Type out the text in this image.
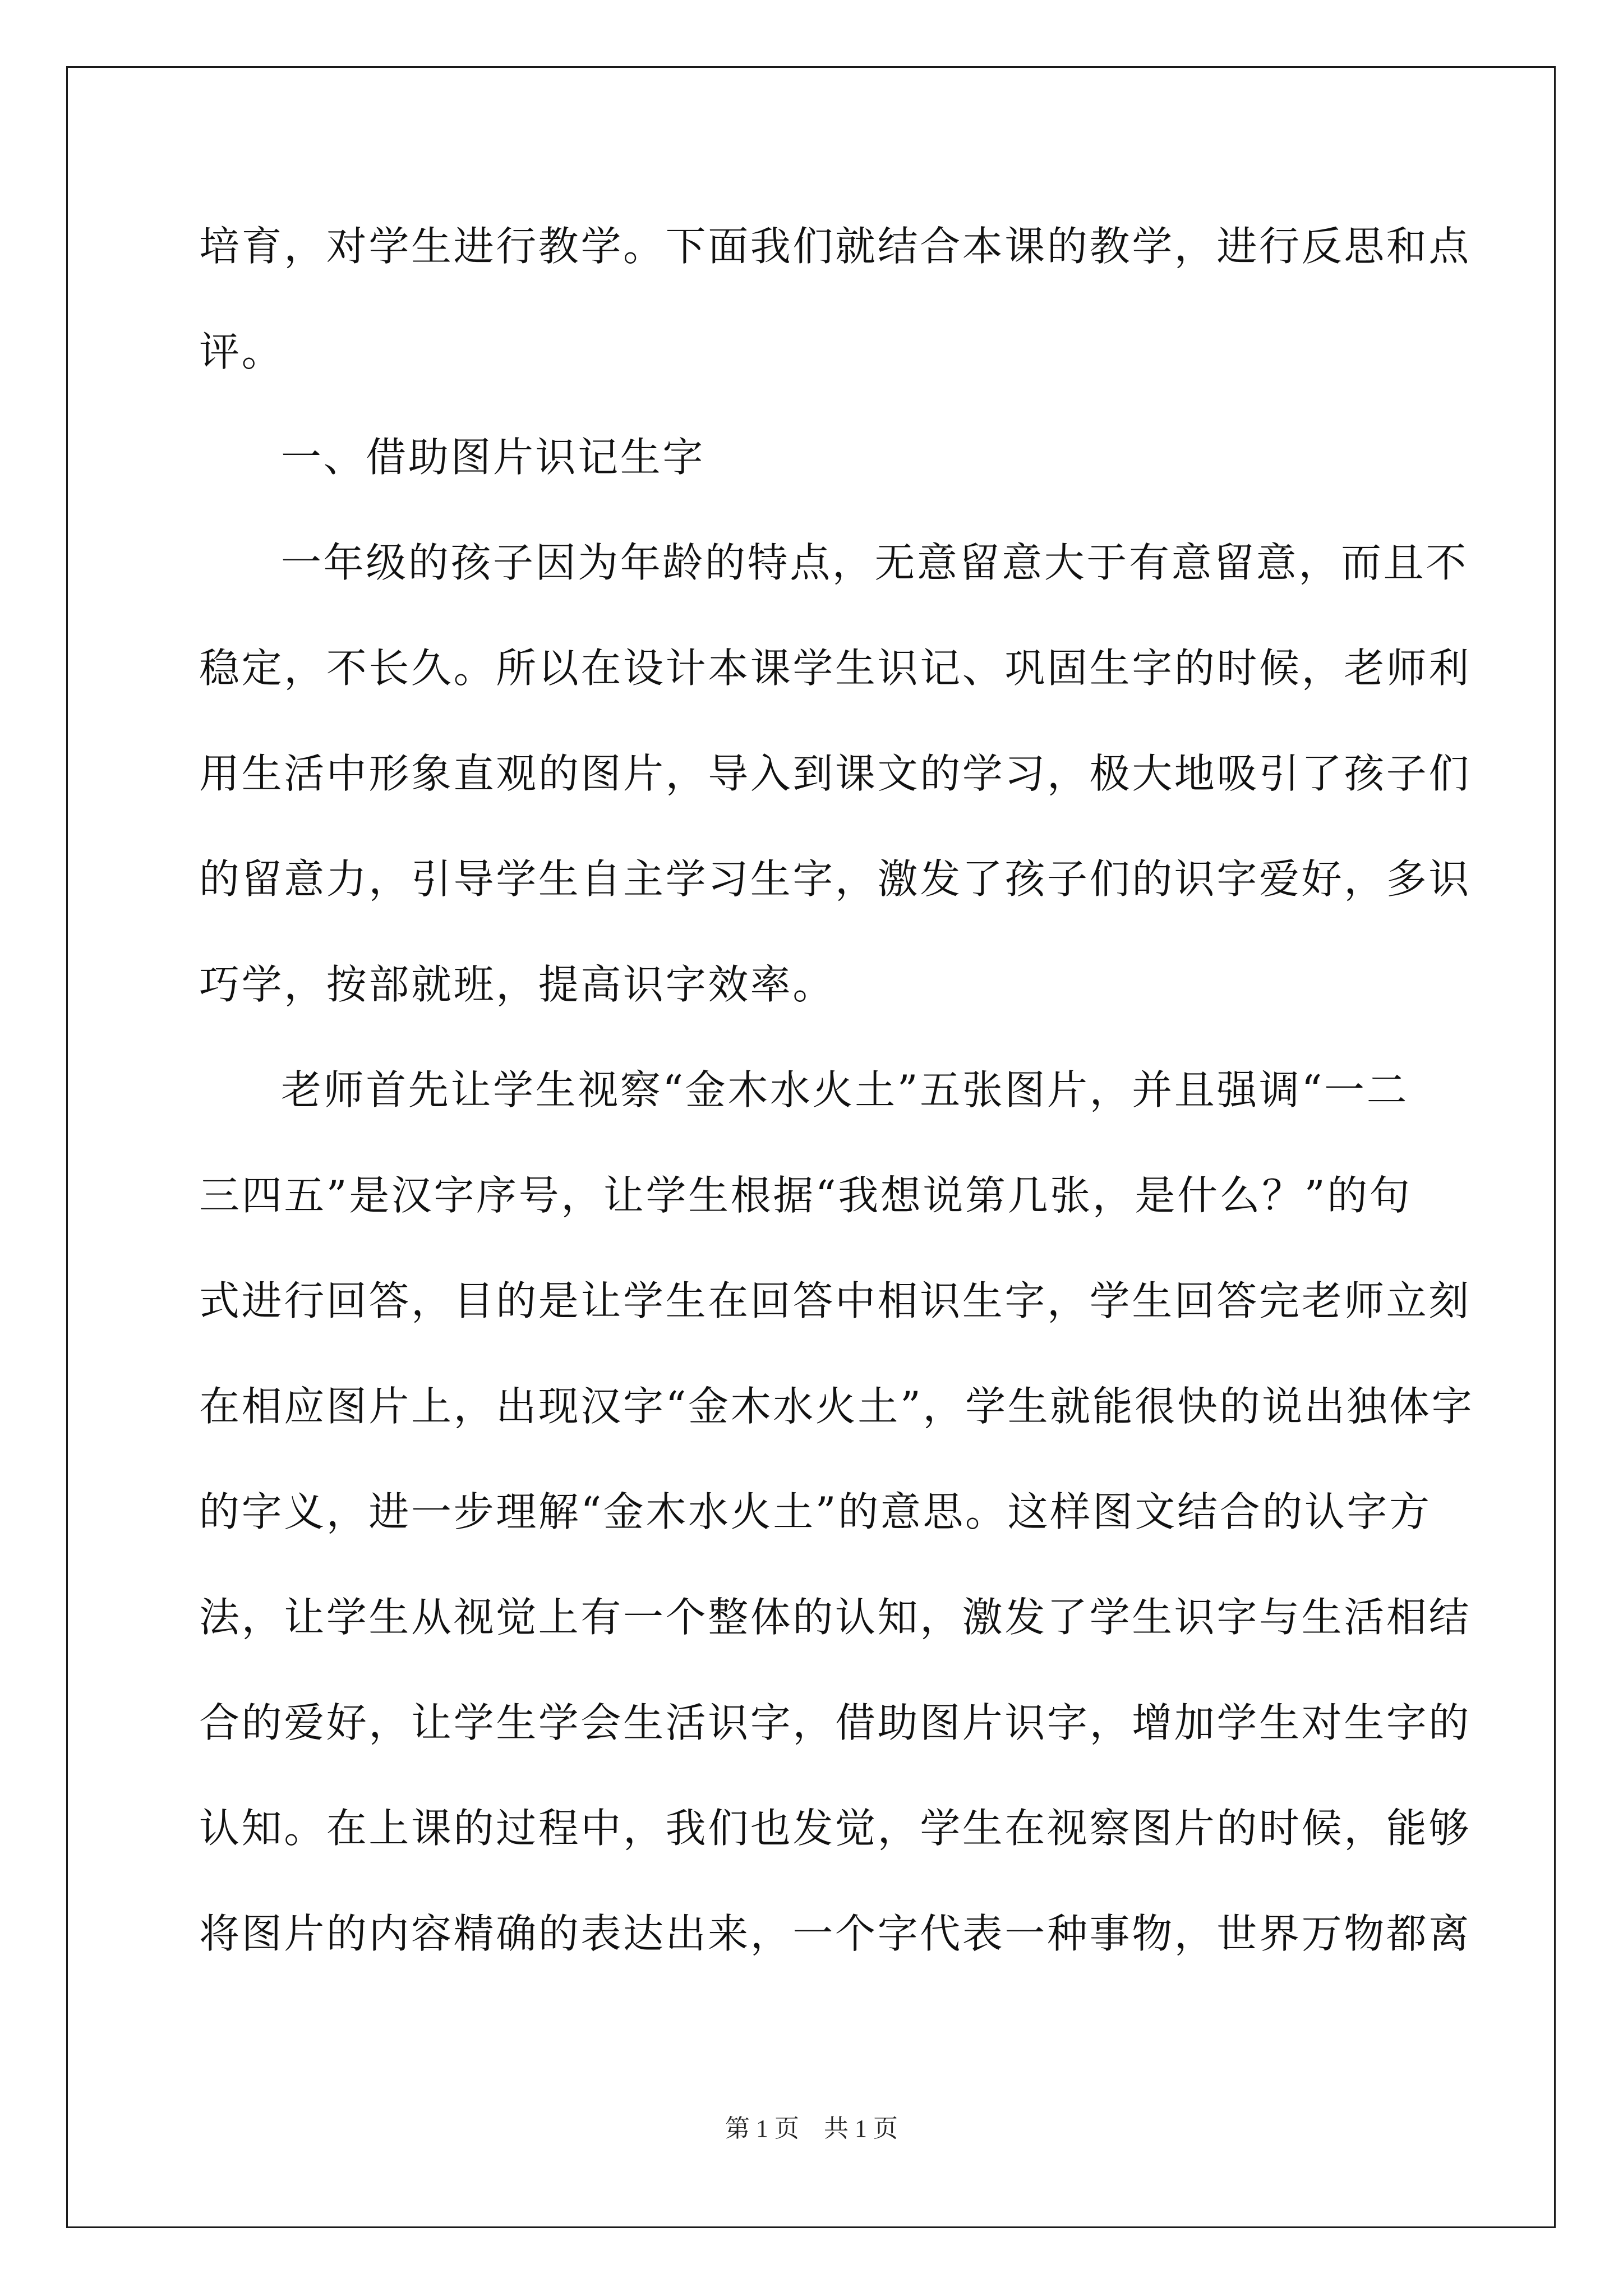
培育，对学生进行教学。下面我们就结合本课的教学，进行反思和点
评。
一、借助图片识记生字
一年级的孩子因为年龄的特点，无意留意大于有意留意，而且不
稳定，不长久。所以在设计本课学生识记、巩固生字的时候，老师利
用生活中形象直观的图片，导入到课文的学习，极大地吸引了孩子们
的留意力，引导学生自主学习生字，激发了孩子们的识字爱好，多识
巧学，按部就班，提高识字效率。
老师首先让学生视察“金木水火土”五张图片，并且强调“一二
三四五”是汉字序号，让学生根据“我想说第几张，是什么？”的句
式进行回答，目的是让学生在回答中相识生字，学生回答完老师立刻
在相应图片上，出现汉字“金木水火土”，学生就能很快的说出独体字
的字义，进一步理解“金木水火土”的意思。这样图文结合的认字方
法，让学生从视觉上有一个整体的认知，激发了学生识字与生活相结
合的爱好，让学生学会生活识字，借助图片识字，增加学生对生字的
认知。在上课的过程中，我们也发觉，学生在视察图片的时候，能够
将图片的内容精确的表达出来，一个字代表一种事物，世界万物都离
第 1 页　共 1 页
